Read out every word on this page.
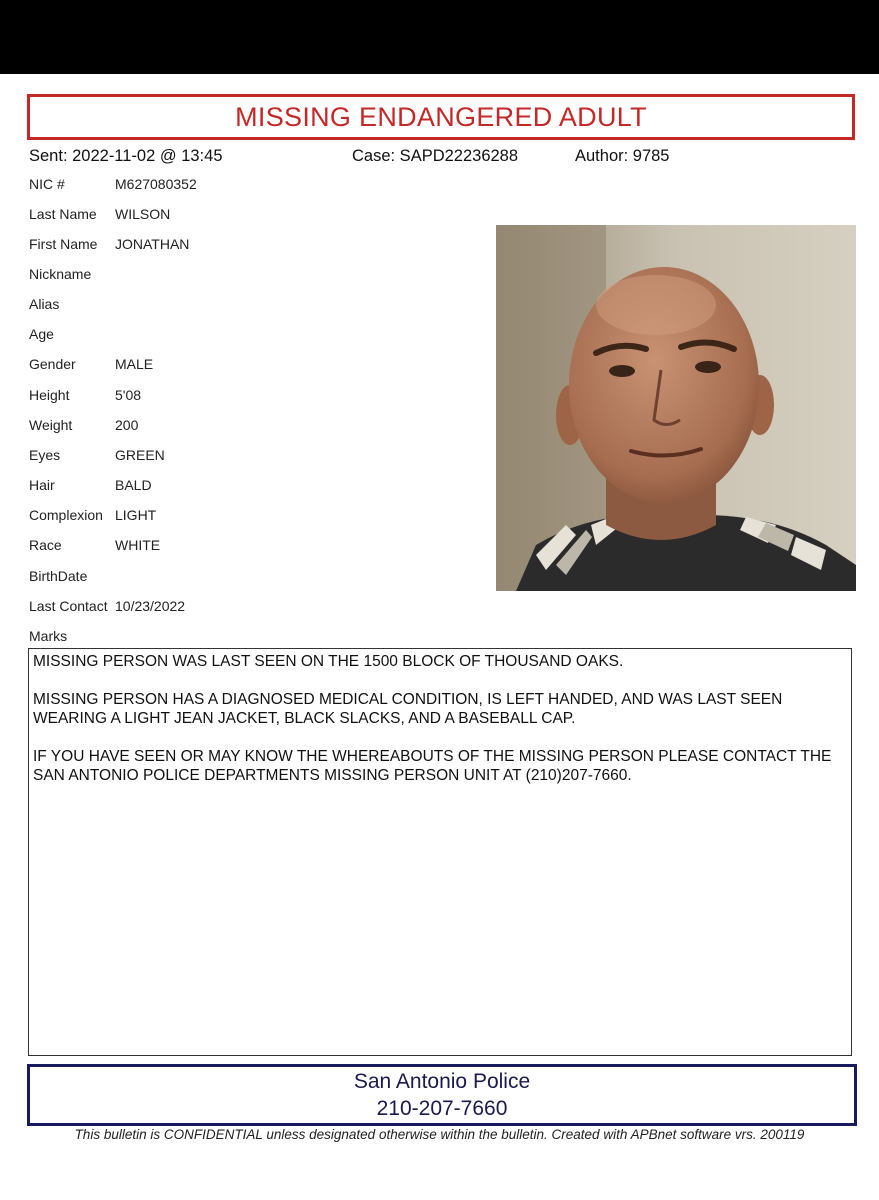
MISSING ENDANGERED ADULT
Sent: 2022-11-02 @ 13:45	Case: SAPD22236288	Author: 9785
NIC #	M627080352
Last Name WILSON
First Name JONATHAN
Nickname
Alias
Age
Gender	MALE
Height	5'08
Weight	200
Eyes	GREEN
Hair	BALD
Complexion LIGHT
Race	WHITE
BirthDate
Last Contact 10/23/2022
Marks

MISSING PERSON WAS LAST SEEN ON THE 1500 BLOCK OF THOUSAND OAKS.

MISSING PERSON HAS A DIAGNOSED MEDICAL CONDITION, IS LEFT HANDED, AND WAS LAST SEEN WEARING A LIGHT JEAN JACKET, BLACK SLACKS, AND A BASEBALL CAP.

IF YOU HAVE SEEN OR MAY KNOW THE WHEREABOUTS OF THE MISSING PERSON PLEASE CONTACT THE SAN ANTONIO POLICE DEPARTMENTS MISSING PERSON UNIT AT (210)207-7660.

San Antonio Police
210-207-7660
This bulletin is CONFIDENTIAL unless designated otherwise within the bulletin. Created with APBnet software vrs. 200119
